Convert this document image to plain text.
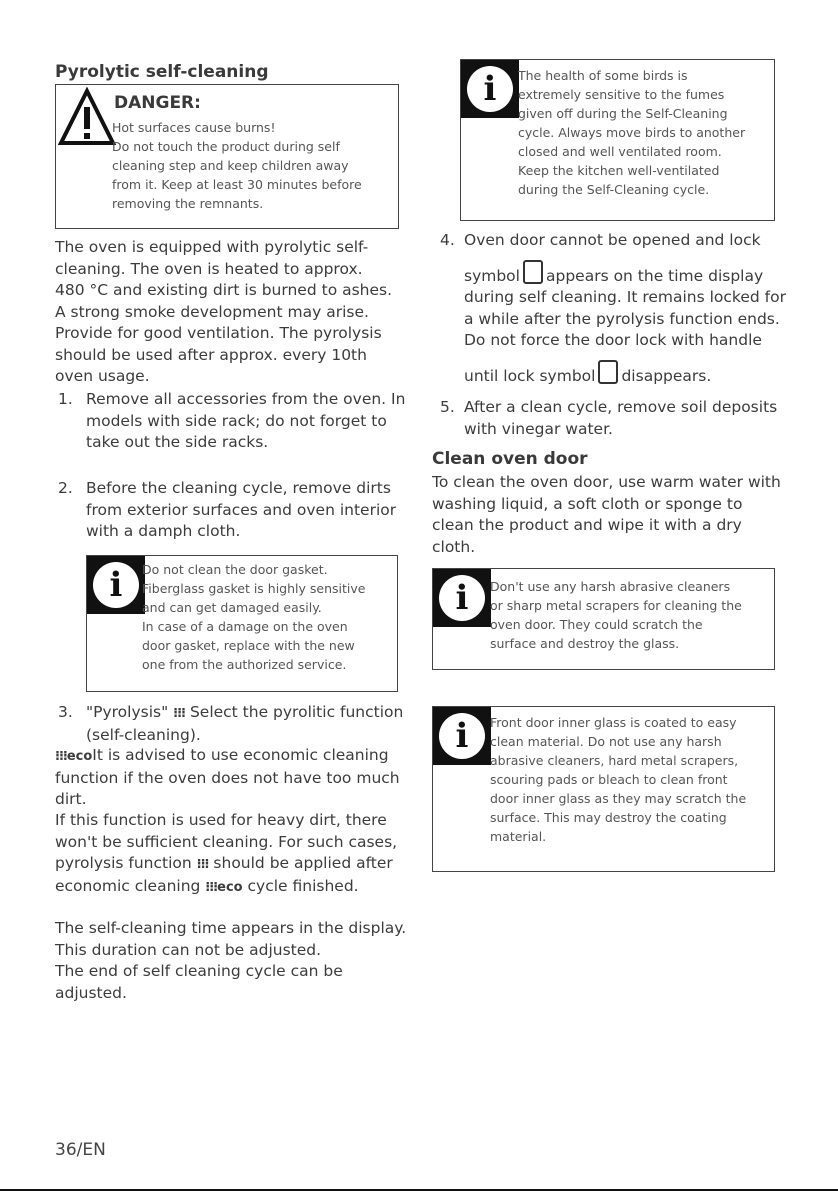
Pyrolytic self-cleaning
DANGER:
Hot surfaces cause burns!
Do not touch the product during self
cleaning step and keep children away
from it. Keep at least 30 minutes before
removing the remnants.
The oven is equipped with pyrolytic self-
cleaning. The oven is heated to approx.
480 °C and existing dirt is burned to ashes.
A strong smoke development may arise.
Provide for good ventilation. The pyrolysis
should be used after approx. every 10th
oven usage.
1. Remove all accessories from the oven. In
models with side rack; do not forget to
take out the side racks.
2. Before the cleaning cycle, remove dirts
from exterior surfaces and oven interior
with a damph cloth.
i	Do not clean the door gasket.
Fiberglass gasket is highly sensitive
and can get damaged easily.
In case of a damage on the oven
door gasket, replace with the new
one from the authorized service.
3. "Pyrolysis" ⁝⁝⁝ Select the pyrolitic function
(self-cleaning).
⁝⁝⁝ecoIt is advised to use economic cleaning
function if the oven does not have too much
dirt.
If this function is used for heavy dirt, there
won't be sufficient cleaning. For such cases,
pyrolysis function ⁝⁝⁝ should be applied after
economic cleaning ⁝⁝⁝eco cycle finished.
The self-cleaning time appears in the display.
This duration can not be adjusted.
The end of self cleaning cycle can be
adjusted.
36/EN
i	The health of some birds is
extremely sensitive to the fumes
given off during the Self-Cleaning
cycle. Always move birds to another
closed and well ventilated room.
Keep the kitchen well-ventilated
during the Self-Cleaning cycle.
4. Oven door cannot be opened and lock
symbol appears on the time display
during self cleaning. It remains locked for
a while after the pyrolysis function ends.
Do not force the door lock with handle
until lock symbol disappears.
5. After a clean cycle, remove soil deposits
with vinegar water.
Clean oven door
To clean the oven door, use warm water with
washing liquid, a soft cloth or sponge to
clean the product and wipe it with a dry
cloth.
i	Don't use any harsh abrasive cleaners
or sharp metal scrapers for cleaning the
oven door. They could scratch the
surface and destroy the glass.
i	Front door inner glass is coated to easy
clean material. Do not use any harsh
abrasive cleaners, hard metal scrapers,
scouring pads or bleach to clean front
door inner glass as they may scratch the
surface. This may destroy the coating
material.
